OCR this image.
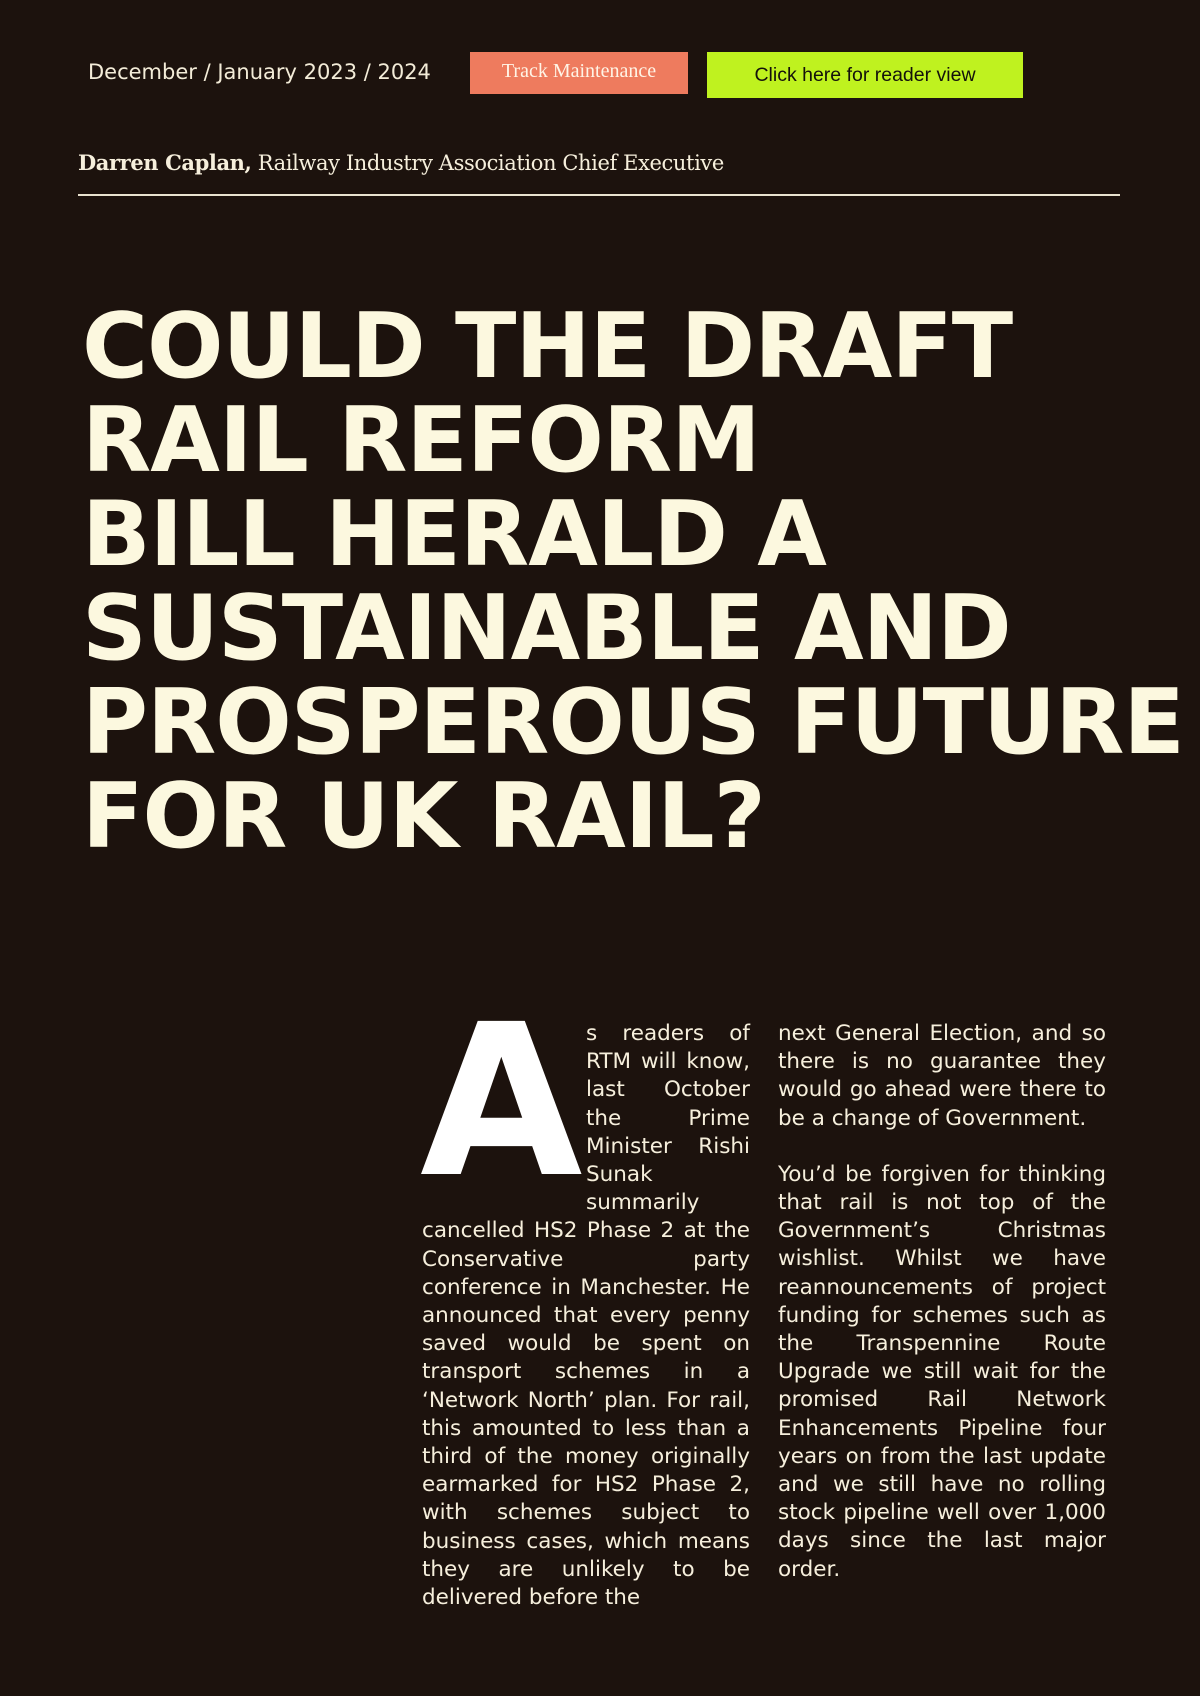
December / January 2023 / 2024	Track Maintenance	Click here for reader view
Darren Caplan, Railway Industry Association Chief Executive
COULD THE DRAFT
RAIL REFORM
BILL HERALD A
SUSTAINABLE AND
PROSPEROUS FUTURE
FOR UK RAIL?
A s readers of RTM will know, last October the Prime Minister Rishi Sunak summarily cancelled HS2 Phase 2 at the Conservative party conference in Manchester. He announced that every penny saved would be spent on transport schemes in a ‘Network North’ plan. For rail, this amounted to less than a third of the money originally earmarked for HS2 Phase 2, with schemes subject to business cases, which means they are unlikely to be delivered before the

next General Election, and so there is no guarantee they would go ahead were there to be a change of Government.

You’d be forgiven for thinking that rail is not top of the Government’s Christmas wishlist. Whilst we have reannouncements of project funding for schemes such as the Transpennine Route Upgrade we still wait for the promised Rail Network Enhancements Pipeline four years on from the last update and we still have no rolling stock pipeline well over 1,000 days since the last major order.
